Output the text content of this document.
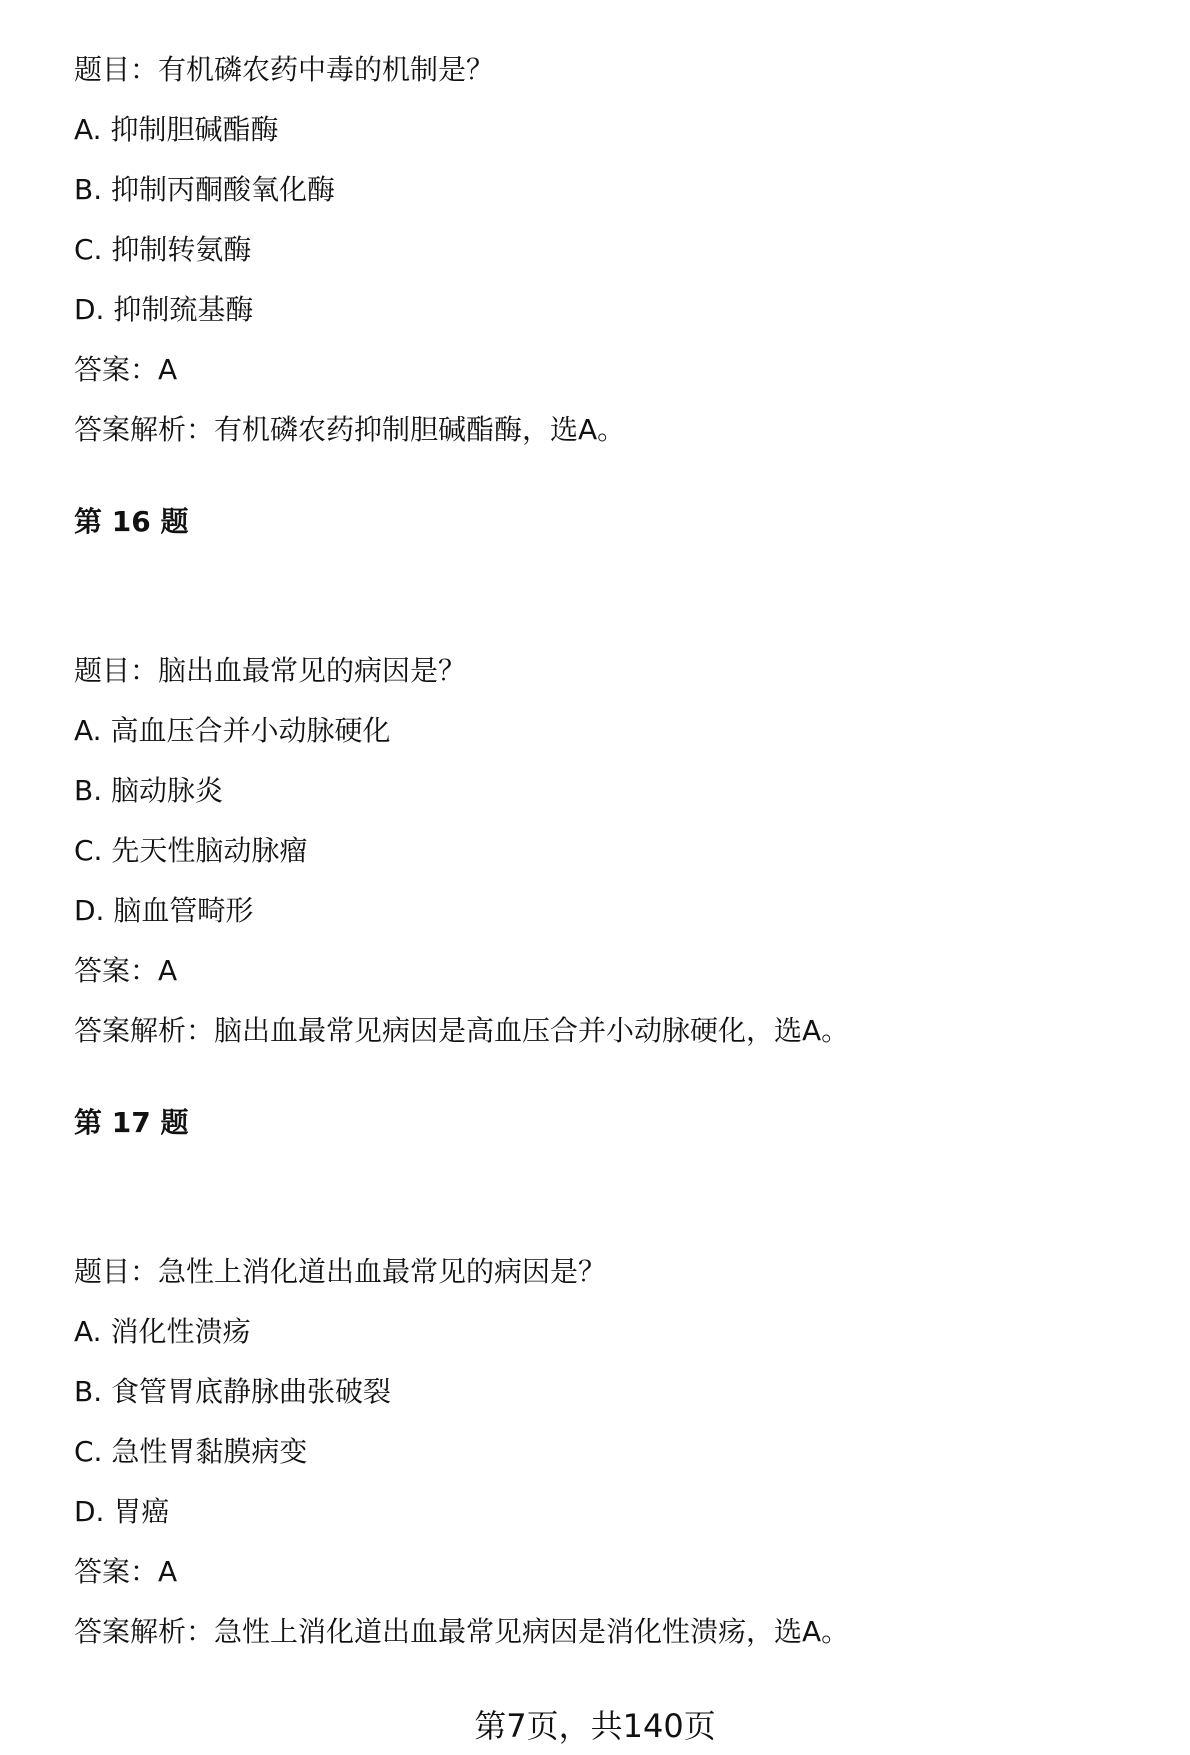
题目：有机磷农药中毒的机制是？
A. 抑制胆碱酯酶
B. 抑制丙酮酸氧化酶
C. 抑制转氨酶
D. 抑制巯基酶
答案：A
答案解析：有机磷农药抑制胆碱酯酶，选A。
第 16 题
题目：脑出血最常见的病因是？
A. 高血压合并小动脉硬化
B. 脑动脉炎
C. 先天性脑动脉瘤
D. 脑血管畸形
答案：A
答案解析：脑出血最常见病因是高血压合并小动脉硬化，选A。
第 17 题
题目：急性上消化道出血最常见的病因是？
A. 消化性溃疡
B. 食管胃底静脉曲张破裂
C. 急性胃黏膜病变
D. 胃癌
答案：A
答案解析：急性上消化道出血最常见病因是消化性溃疡，选A。
第7页，共140页
